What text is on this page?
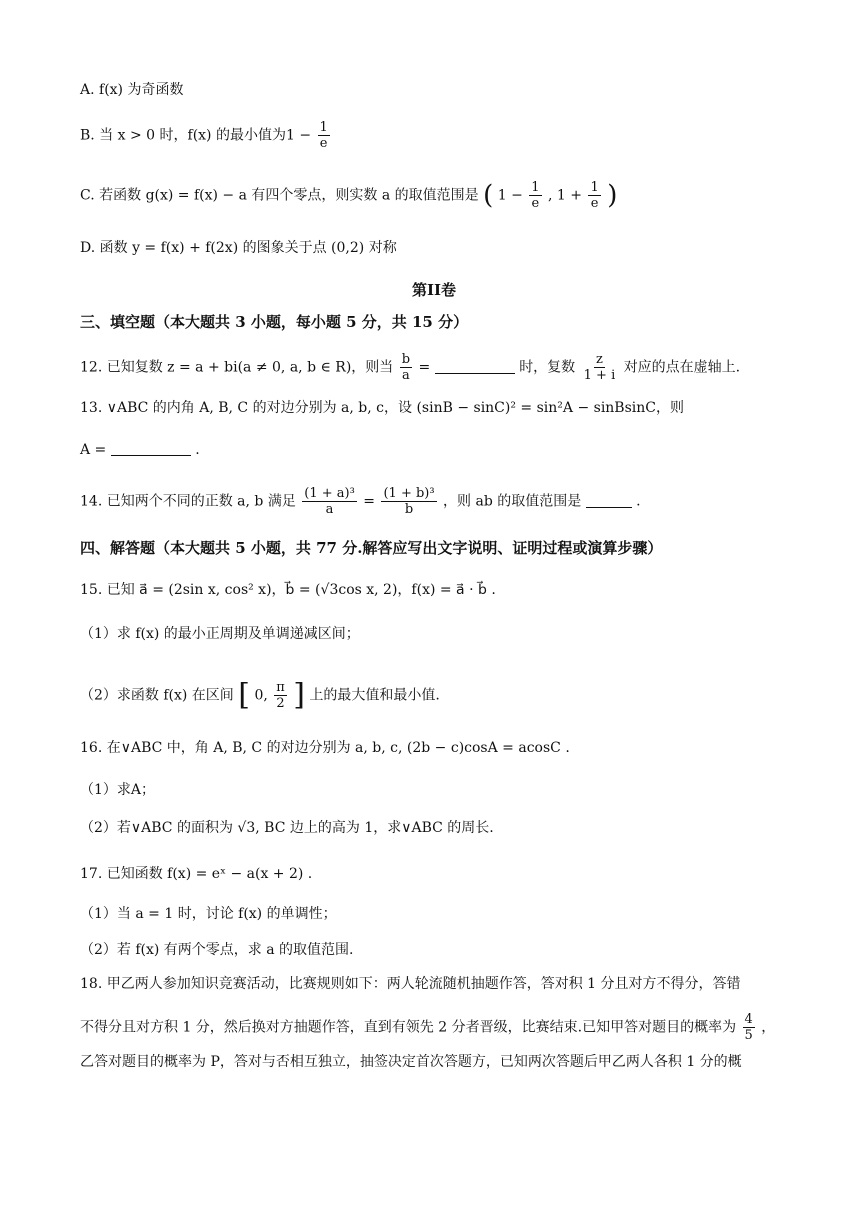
A. f(x) 为奇函数
B. 当 x > 0 时，f(x) 的最小值为$1 - \frac{1}{e}$
C. 若函数 g(x) = f(x) − a 有四个零点，则实数 a 的取值范围是 ( $1 - \frac{1}{e}$ , $1 + \frac{1}{e}$ )
D. 函数 y = f(x) + f(2x) 的图象关于点 (0,2) 对称
第II卷
三、填空题（本大题共 3 小题，每小题 5 分，共 15 分）
12. 已知复数 z = a + bi(a ≠ 0, a, b ∈ R)，则当 $\frac{b}{a}$ =	时，复数 $\frac{z}{1 + i}$ 对应的点在虚轴上.
13. ∨ABC 的内角 A, B, C 的对边分别为 a, b, c，设 (sinB − sinC)² = sin²A − sinBsinC，则
A =	.
14. 已知两个不同的正数 a, b 满足 $\frac{\text{(1 + a)³}}{a} = \frac{\text{(1 + b)³}}{b}$ ，则 ab 的取值范围是	.
四、解答题（本大题共 5 小题，共 77 分.解答应写出文字说明、证明过程或演算步骤）
15. 已知 a⃗ = (2sin x, cos² x)，b⃗ = (√3cos x, 2)，f(x) = a⃗ · b⃗ .
（1）求 f(x) 的最小正周期及单调递减区间；
（2）求函数 f(x) 在区间 [ 0, $\frac{\pi}{2}$ ] 上的最大值和最小值.
16. 在∨ABC 中，角 A, B, C 的对边分别为 a, b, c, (2b − c)cosA = acosC .
（1）求A；
（2）若∨ABC 的面积为 √3, BC 边上的高为 1，求∨ABC 的周长.
17. 已知函数 f(x) = eˣ − a(x + 2) .
（1）当 a = 1 时，讨论 f(x) 的单调性；
（2）若 f(x) 有两个零点，求 a 的取值范围.
18. 甲乙两人参加知识竞赛活动，比赛规则如下：两人轮流随机抽题作答，答对积 1 分且对方不得分，答错
不得分且对方积 1 分，然后换对方抽题作答，直到有领先 2 分者晋级，比赛结束.已知甲答对题目的概率为 $\frac{4}{5}$ ，
乙答对题目的概率为 P，答对与否相互独立，抽签决定首次答题方，已知两次答题后甲乙两人各积 1 分的概
